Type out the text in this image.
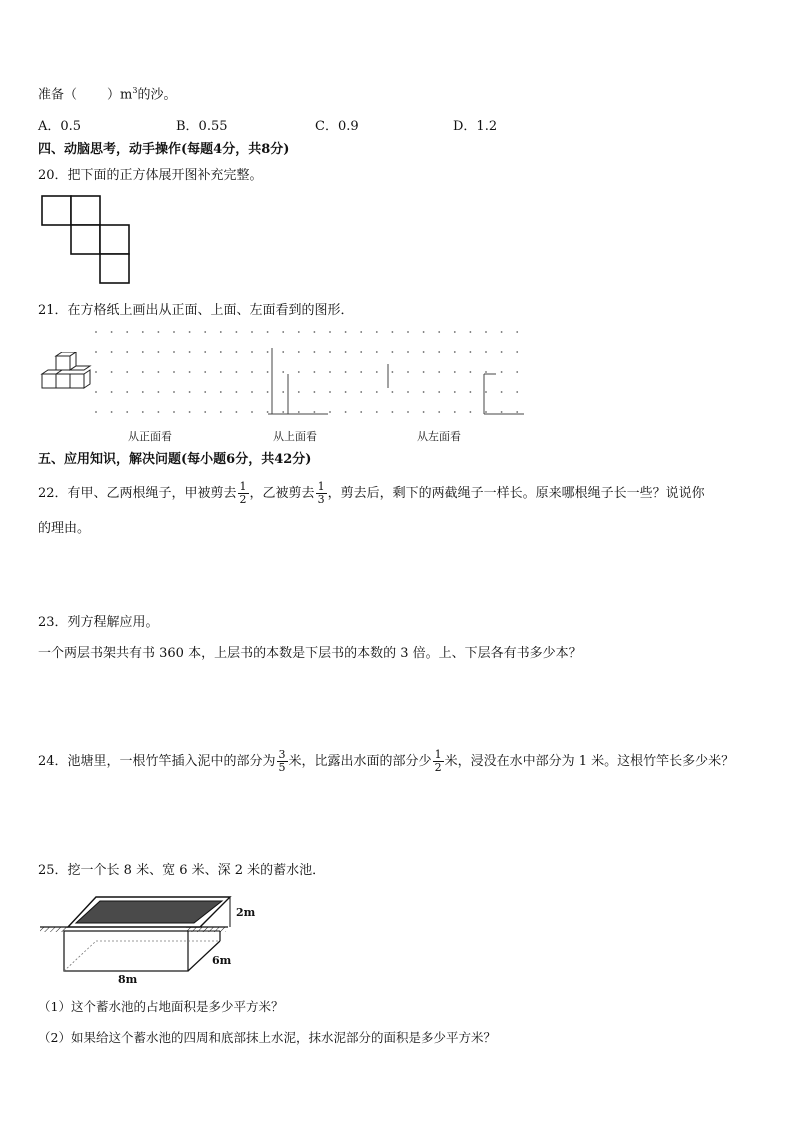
准备（ ）$m^3$的沙。
A．0.5	B．0.55	C．0.9	D．1.2
四、动脑思考，动手操作(每题4分，共8分)
20．把下面的正方体展开图补充完整。
21．在方格纸上画出从正面、上面、左面看到的图形．
从正面看	从上面看	从左面看
五、应用知识，解决问题(每小题6分，共42分)
22．有甲、乙两根绳子，甲被剪去 $\frac{1}{2}$ ，乙被剪去 $\frac{1}{3}$ ，剪去后，剩下的两截绳子一样长。原来哪根绳子长一些？说说你
的理由。
23．列方程解应用。
一个两层书架共有书 360 本，上层书的本数是下层书的本数的 3 倍。上、下层各有书多少本？
24．池塘里，一根竹竿插入泥中的部分为 $\frac{3}{5}$ 米，比露出水面的部分少 $\frac{1}{2}$ 米，浸没在水中部分为 1 米。这根竹竿长多少米？
25．挖一个长 8 米、宽 6 米、深 2 米的蓄水池．
2m
6m
8m
（1）这个蓄水池的占地面积是多少平方米？
（2）如果给这个蓄水池的四周和底部抹上水泥，抹水泥部分的面积是多少平方米？
